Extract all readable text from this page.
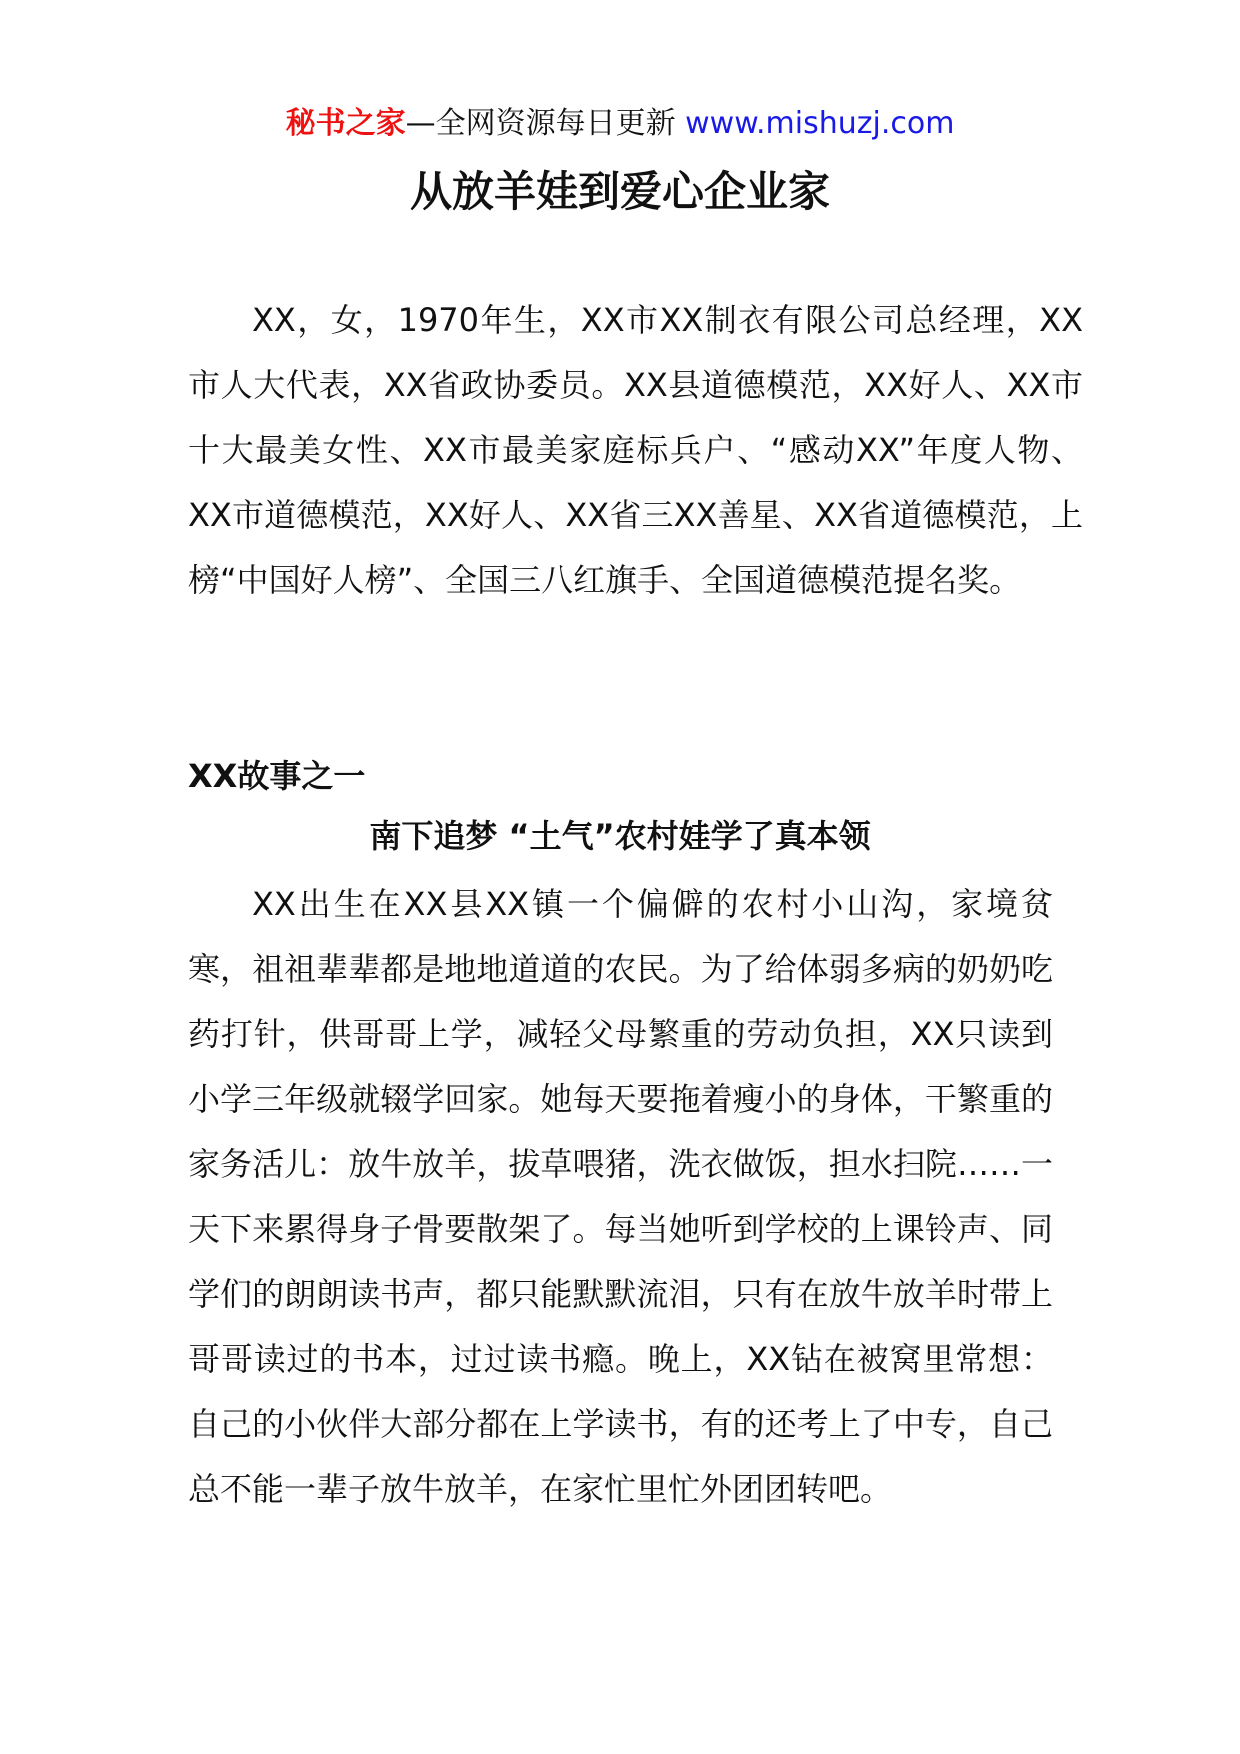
秘书之家—全网资源每日更新 www.mishuzj.com
从放羊娃到爱心企业家

XX，女，1970年生，XX市XX制衣有限公司总经理，XX市人大代表，XX省政协委员。XX县道德模范，XX好人、XX市十大最美女性、XX市最美家庭标兵户、“感动XX”年度人物、XX市道德模范，XX好人、XX省三XX善星、XX省道德模范，上榜“中国好人榜”、全国三八红旗手、全国道德模范提名奖。

XX故事之一
南下追梦 “土气”农村娃学了真本领

XX出生在XX县XX镇一个偏僻的农村小山沟，家境贫寒，祖祖辈辈都是地地道道的农民。为了给体弱多病的奶奶吃药打针，供哥哥上学，减轻父母繁重的劳动负担，XX只读到小学三年级就辍学回家。她每天要拖着瘦小的身体，干繁重的家务活儿：放牛放羊，拔草喂猪，洗衣做饭，担水扫院……一天下来累得身子骨要散架了。每当她听到学校的上课铃声、同学们的朗朗读书声，都只能默默流泪，只有在放牛放羊时带上哥哥读过的书本，过过读书瘾。晚上，XX钻在被窝里常想：自己的小伙伴大部分都在上学读书，有的还考上了中专，自己总不能一辈子放牛放羊，在家忙里忙外团团转吧。
